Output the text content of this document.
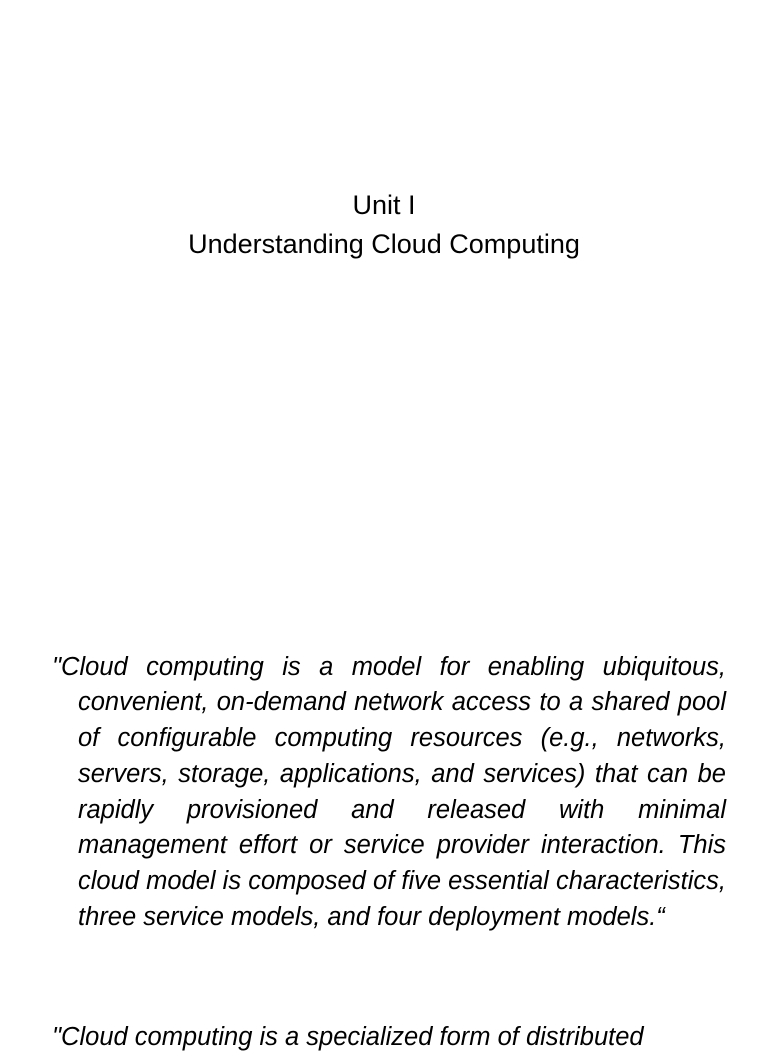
Unit I
Understanding Cloud Computing

"Cloud computing is a model for enabling ubiquitous, convenient, on-demand network access to a shared pool of configurable computing resources (e.g., networks, servers, storage, applications, and services) that can be rapidly provisioned and released with minimal management effort or service provider interaction. This cloud model is composed of five essential characteristics, three service models, and four deployment models.“

"Cloud computing is a specialized form of distributed
